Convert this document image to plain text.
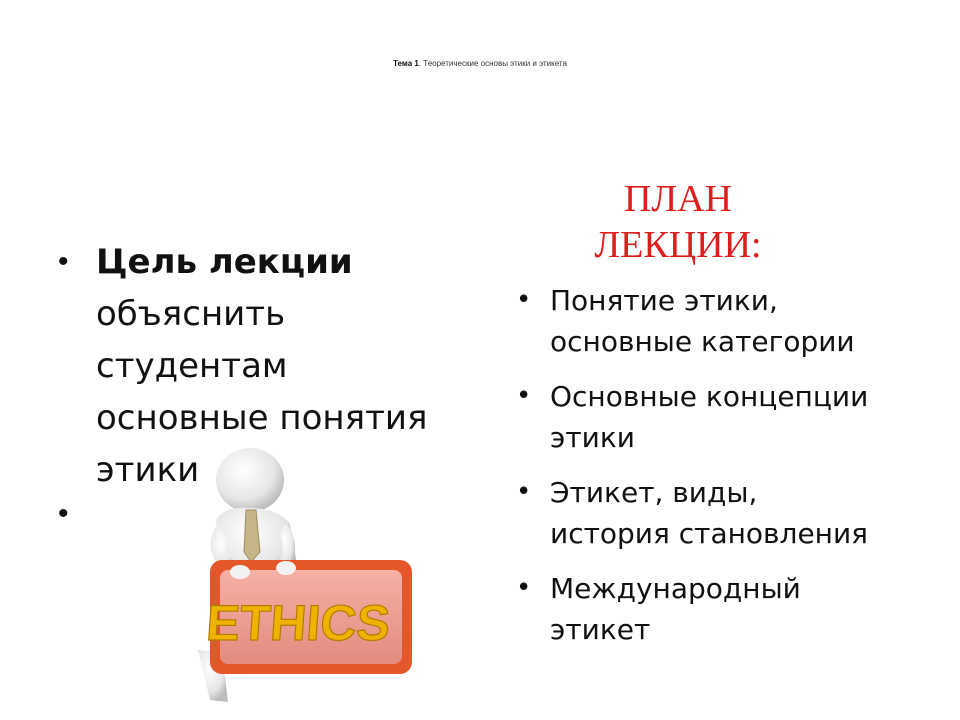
Тема 1. Теоретические основы этики и этикета
• Цель лекции
объяснить
студентам
основные понятия
этики
•
ПЛАН
ЛЕКЦИИ:
• Понятие этики,
основные категории
• Основные концепции
этики
• Этикет, виды,
история становления
• Международный
этикет
ETHICS
